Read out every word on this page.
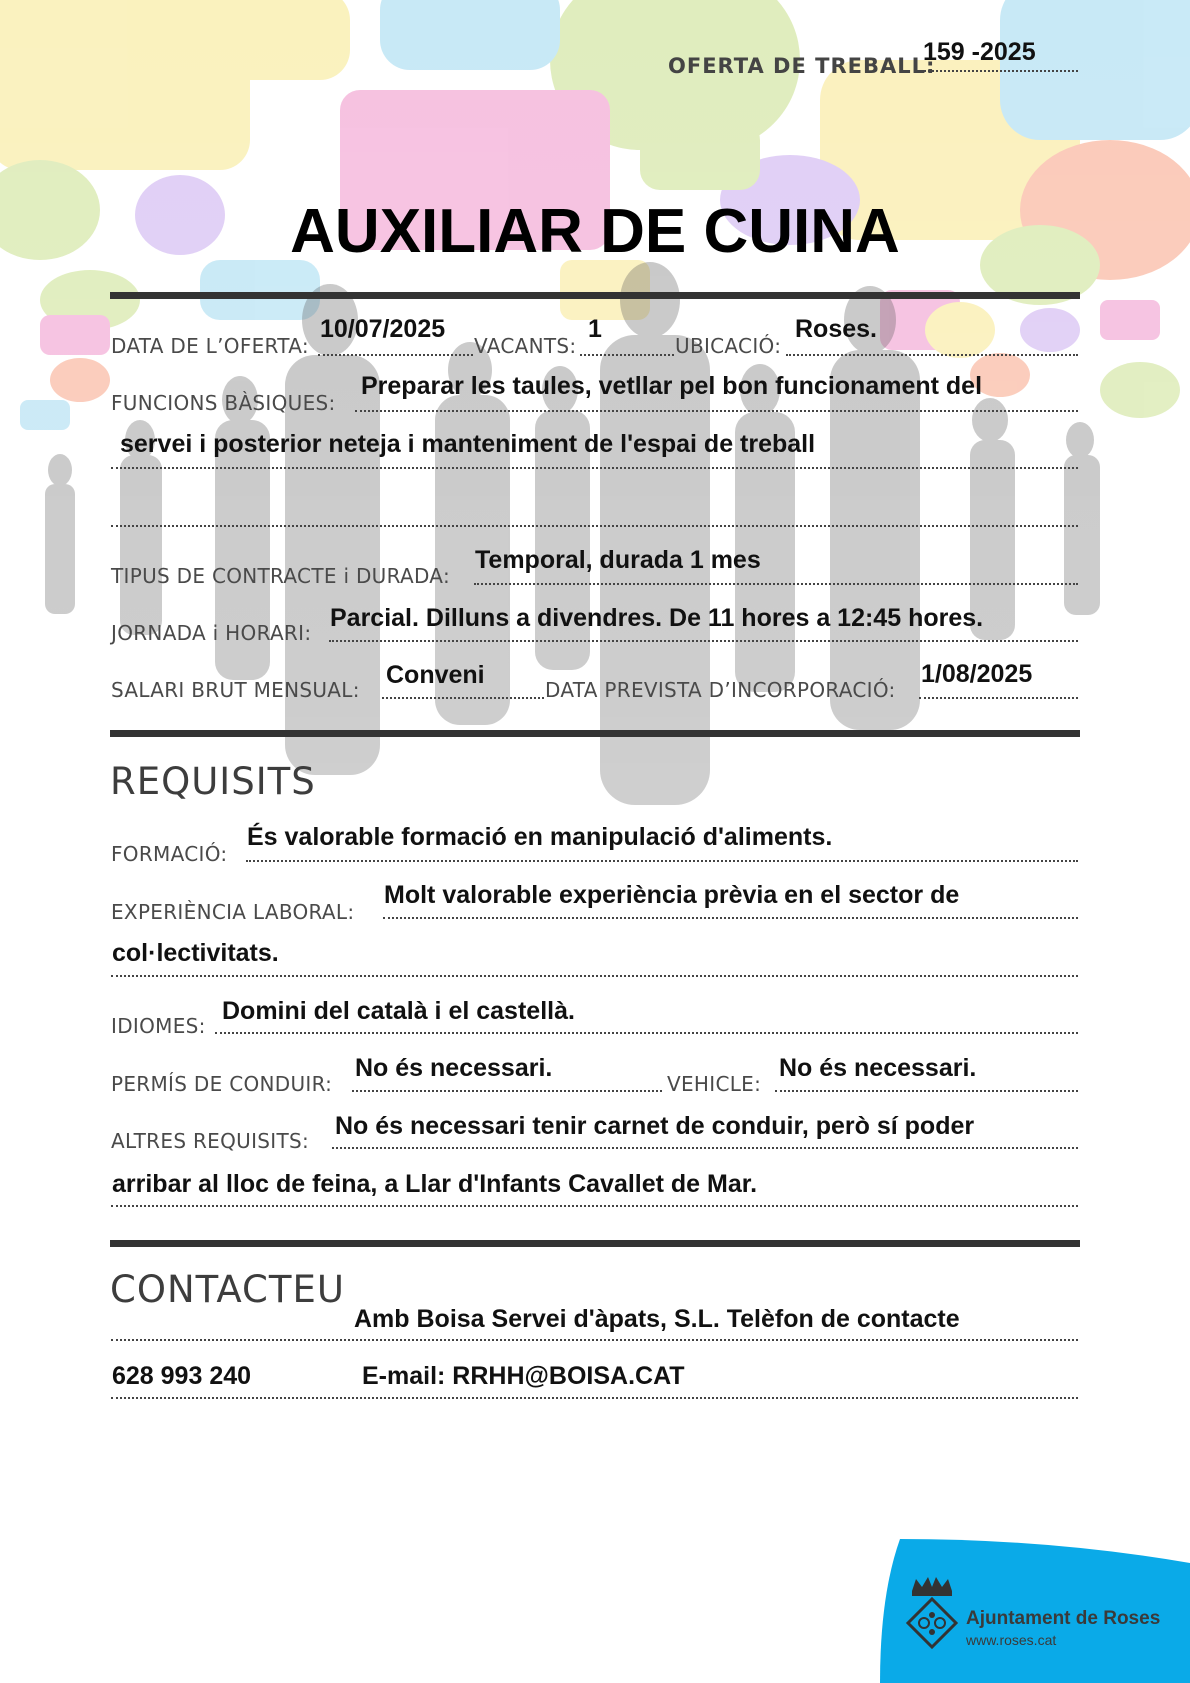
OFERTA DE TREBALL:
159 -2025
AUXILIAR DE CUINA
DATA DE L’OFERTA:
10/07/2025
VACANTS:
1
UBICACIÓ:
Roses.
FUNCIONS BÀSIQUES:
Preparar les taules, vetllar pel bon funcionament del
servei i posterior neteja i manteniment de l'espai de treball
TIPUS DE CONTRACTE i DURADA:
Temporal, durada 1 mes
JORNADA i HORARI:
Parcial. Dilluns a divendres. De 11 hores a 12:45 hores.
SALARI BRUT MENSUAL:
Conveni
DATA PREVISTA D’INCORPORACIÓ:
1/08/2025
REQUISITS
FORMACIÓ:
És valorable formació en manipulació d'aliments.
EXPERIÈNCIA LABORAL:
Molt valorable experiència prèvia en el sector de
col·lectivitats.
IDIOMES:
Domini del català i el castellà.
PERMÍS DE CONDUIR:
No és necessari.
VEHICLE:
No és necessari.
ALTRES REQUISITS:
No és necessari tenir carnet de conduir, però sí poder
arribar al lloc de feina, a Llar d'Infants Cavallet de Mar.
CONTACTEU
Amb Boisa Servei d'àpats, S.L. Telèfon de contacte
628 993 240	E-mail: RRHH@BOISA.CAT
Ajuntament de Roses
www.roses.cat
